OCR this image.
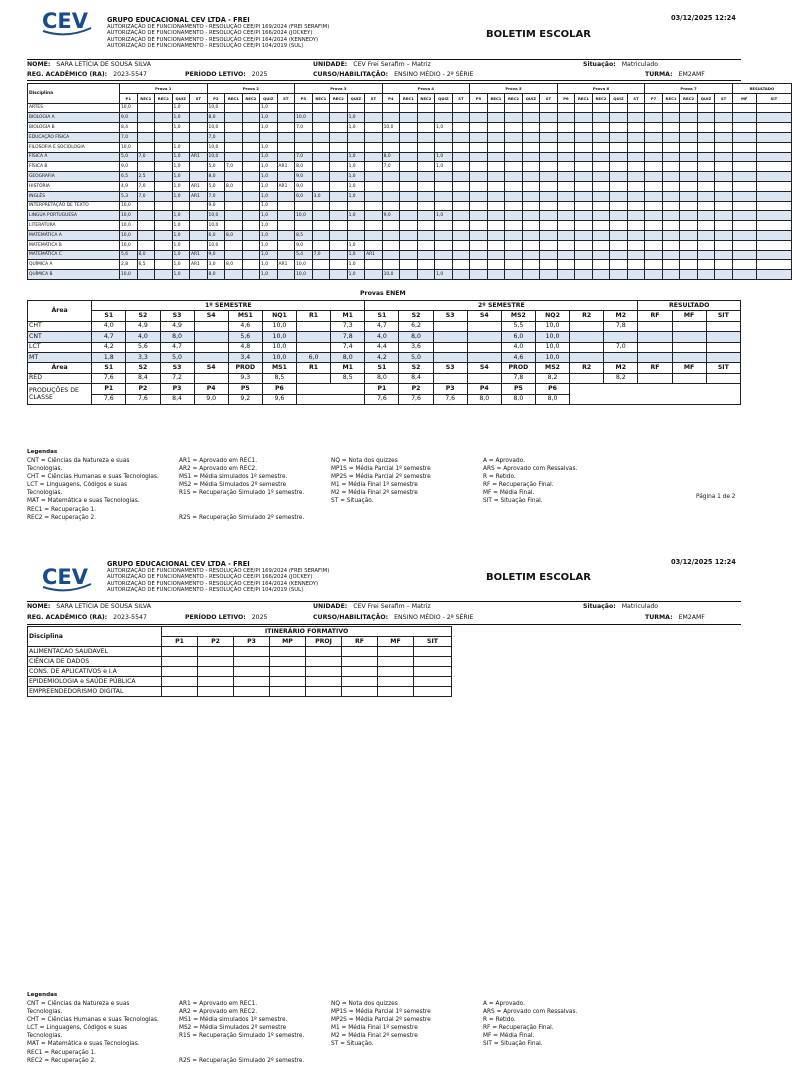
CEV	GRUPO EDUCACIONAL CEV LTDA - FREI
AUTORIZAÇÃO DE FUNCIONAMENTO - RESOLUÇÃO CEE/PI 169/2024 (FREI SERAFIM)
AUTORIZAÇÃO DE FUNCIONAMENTO - RESOLUÇÃO CEE/PI 166/2024 (JOCKEY)
AUTORIZAÇÃO DE FUNCIONAMENTO - RESOLUÇÃO CEE/PI 164/2024 (KENNEDY)
AUTORIZAÇÃO DE FUNCIONAMENTO - RESOLUÇÃO CEE/PI 104/2019 (SUL)
BOLETIM ESCOLAR
03/12/2025 12:24
NOME: SARA LETÍCIA DE SOUSA SILVA	UNIDADE: CEV Frei Serafim – Matriz	Situação: Matriculado
REG. ACADÊMICO (RA): 2023-5547	PERÍODO LETIVO: 2025	CURSO/HABILITAÇÃO: ENSINO MÉDIO - 2ª SÉRIE	TURMA: EM2AMF
Disciplina	Prova 1					Prova 2					Prova 3					Prova 4					Prova 5					Prova 6					Prova 7					RESULTADO	
	P1	REC1	REC2	QUIZ	ST	P2	REC1	REC2	QUIZ	ST	P3	REC1	REC2	QUIZ	ST	P4	REC1	REC2	QUIZ	ST	P5	REC1	REC2	QUIZ	ST	P6	REC1	REC2	QUIZ	ST	P7	REC1	REC2	QUIZ	ST	MF	SIT
ARTES	10,0			1,0		10,0			1,0																												
BIOLOGIA A	9,0			1,0		8,0			1,0		10,0			1,0																							
BIOLOGIA B	8,4			1,0		10,0			1,0		7,0			1,0		10,0			1,0																		
EDUCAÇÃO FÍSICA	7,0					7,0																															
FILOSOFIA E SOCIOLOGIA	10,0			1,0		10,0			1,0																												
FÍSICA A	5,0	7,0		1,0	AR1	10,0			1,0		7,0			1,0		8,0			1,0																		
FÍSICA B	9,0			1,0		5,0	7,0		1,0	AR1	8,0			1,0		7,0			1,0																		
GEOGRAFIA	6,5	2,5		1,0		8,0			1,0		9,0			1,0																							
HISTÓRIA	4,9	7,0		1,0	AR1	5,0	8,0		1,0	AR1	9,0			1,0																							
INGLÊS	5,3	7,0		1,0	AR1	7,0			1,0		6,0	3,0		1,0																							
INTERPRETAÇÃO DE TEXTO	10,0					9,0			1,0																												
LINGUA PORTUGUESA	10,0			1,0		10,0			1,0		10,0			1,0		9,0			1,0																		
LITERATURA	10,0			1,0		10,0			1,0																												
MATEMÁTICA A	10,0			1,0		6,0	8,0		1,0		8,5																										
MATEMÁTICA B	10,0			1,0		10,0			1,0		9,0			1,0																							
MATEMÁTICA C	5,6	8,0		1,0	AR1	9,0			1,0		5,4	7,0		1,0	AR1																						
QUÍMICA A	2,8	6,5		1,0	AR1	3,0	8,0		1,0	AR1	10,0			1,0																							
QUÍMICA B	10,0			1,0		8,0			1,0		10,0			1,0		10,0			1,0																		
Provas ENEM
Área	1º SEMESTRE								2º SEMESTRE								RESULTADO		
	S1	S2	S3	S4	MS1	NQ1	R1	M1	S1	S2	S3	S4	MS2	NQ2	R2	M2	RF	MF	SIT
CHT	4,0	4,9	4,9		4,6	10,0		7,3	4,7	6,2			5,5	10,0		7,8			
CNT	4,7	4,0	8,0		5,6	10,0		7,8	4,0	8,0			6,0	10,0					
LCT	4,2	5,6	4,7		4,8	10,0		7,4	4,4	3,6			4,0	10,0		7,0			
MT	1,8	3,3	5,0		3,4	10,0	6,0	8,0	4,2	5,0			4,6	10,0					
Área	S1	S2	S3	S4	PROD	MS1	R1	M1	S1	S2	S3	S4	PROD	MS2	R2	M2	RF	MF	SIT
RED	7,6	8,4	7,2		9,3	8,5		8,5	8,0	8,4			7,8	8,2		8,2			
PRODUÇÕES DE CLASSE	P1	P2	P3	P4	P5	P6			P1	P2	P3	P4	P5	P6					
	7,6	7,6	8,4	9,0	9,2	9,6			7,6	7,6	7,6	8,0	8,0	8,0					
Legendas
CNT = Ciências da Natureza e suas
Tecnologias.
CHT = Ciências Humanas e suas Tecnologias.
LCT = Linguagens, Códigos e suas
Tecnologias.
MAT = Matemática e suas Tecnologias.
REC1 = Recuperação 1.
REC2 = Recuperação 2.
AR1 = Aprovado em REC1.
AR2 = Aprovado em REC2.
MS1 = Média simulados 1º semestre.
MS2 = Média Simulados 2º semestre
R1S = Recuperação Simulado 1º semestre.
R2S = Recuperação Simulado 2º semestre.
NQ = Nota dos quizzes
MP1S = Média Parcial 1º semestre
MP2S = Média Parcial 2º semestre
M1 = Média Final 1º semestre
M2 = Média Final 2º semestre
ST = Situação.
A = Aprovado.
ARS = Aprovado com Ressalvas.
R = Retido.
RF = Recuperação Final.
MF = Média Final.
SIT = Situação Final.
Página 1 de 2
CEV
GRUPO EDUCACIONAL CEV LTDA - FREI
AUTORIZAÇÃO DE FUNCIONAMENTO - RESOLUÇÃO CEE/PI 169/2024 (FREI SERAFIM)
AUTORIZAÇÃO DE FUNCIONAMENTO - RESOLUÇÃO CEE/PI 166/2024 (JOCKEY)
AUTORIZAÇÃO DE FUNCIONAMENTO - RESOLUÇÃO CEE/PI 164/2024 (KENNEDY)
AUTORIZAÇÃO DE FUNCIONAMENTO - RESOLUÇÃO CEE/PI 104/2019 (SUL)
BOLETIM ESCOLAR
03/12/2025 12:24
NOME: SARA LETÍCIA DE SOUSA SILVA	UNIDADE: CEV Frei Serafim – Matriz	Situação: Matriculado
REG. ACADÊMICO (RA): 2023-5547	PERÍODO LETIVO: 2025	CURSO/HABILITAÇÃO: ENSINO MÉDIO - 2ª SÉRIE	TURMA: EM2AMF
Disciplina	ITINERÁRIO FORMATIVO							
	P1	P2	P3	MP	PROJ	RF	MF	SIT
ALIMENTACAO SAUDAVEL								
CIÊNCIA DE DADOS								
CONS. DE APLICATIVOS e I.A								
EPIDEMIOLOGIA e SAÚDE PÚBLICA								
EMPREENDEDORISMO DIGITAL								
Legendas
CNT = Ciências da Natureza e suas
Tecnologias.
CHT = Ciências Humanas e suas Tecnologias.
LCT = Linguagens, Códigos e suas
Tecnologias.
MAT = Matemática e suas Tecnologias.
REC1 = Recuperação 1.
REC2 = Recuperação 2.
AR1 = Aprovado em REC1.
AR2 = Aprovado em REC2.
MS1 = Média simulados 1º semestre.
MS2 = Média Simulados 2º semestre
R1S = Recuperação Simulado 1º semestre.
R2S = Recuperação Simulado 2º semestre.
NQ = Nota dos quizzes
MP1S = Média Parcial 1º semestre
MP2S = Média Parcial 2º semestre
M1 = Média Final 1º semestre
M2 = Média Final 2º semestre
ST = Situação.
A = Aprovado.
ARS = Aprovado com Ressalvas.
R = Retido.
RF = Recuperação Final.
MF = Média Final.
SIT = Situação Final.
